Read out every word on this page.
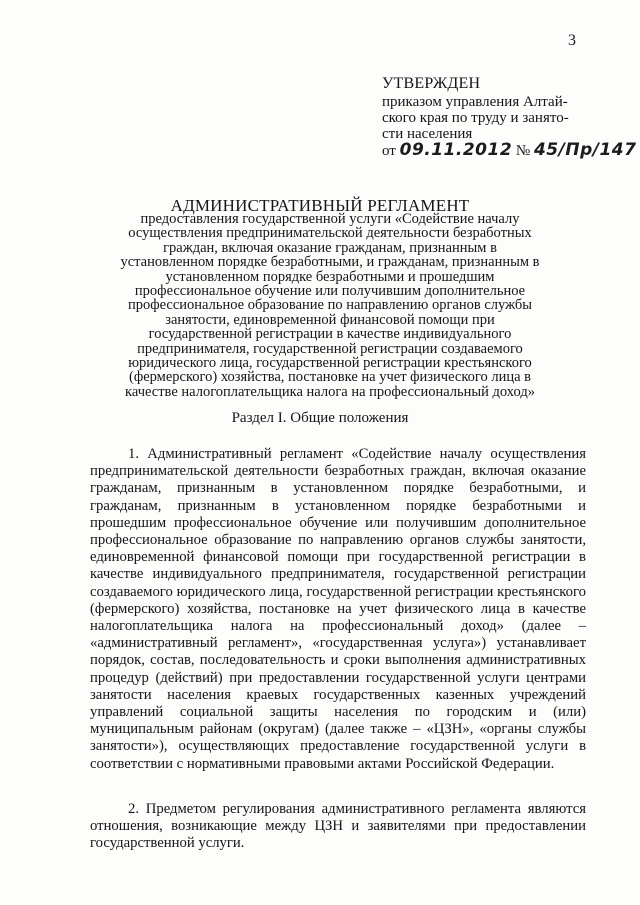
3
УТВЕРЖДЕН
приказом управления Алтай-
ского края по труду и занято-
сти населения
от 09.11.2012 № 45/Пр/147
АДМИНИСТРАТИВНЫЙ РЕГЛАМЕНТ
предоставления государственной услуги «Содействие началу осуществления предпринимательской деятельности безработных граждан, включая оказание гражданам, признанным в установленном порядке безработными, и гражданам, признанным в установленном порядке безработными и прошедшим профессиональное обучение или получившим дополнительное профессиональное образование по направлению органов службы занятости, единовременной финансовой помощи при государственной регистрации в качестве индивидуального предпринимателя, государственной регистрации создаваемого юридического лица, государственной регистрации крестьянского (фермерского) хозяйства, постановке на учет физического лица в качестве налогоплательщика налога на профессиональный доход»
Раздел I. Общие положения

1. Административный регламент «Содействие началу осуществления предпринимательской деятельности безработных граждан, включая оказание гражданам, признанным в установленном порядке безработными, и гражданам, признанным в установленном порядке безработными и прошедшим профессиональное обучение или получившим дополнительное профессиональное образование по направлению органов службы занятости, единовременной финансовой помощи при государственной регистрации в качестве индивидуального предпринимателя, государственной регистрации создаваемого юридического лица, государственной регистрации крестьянского (фермерского) хозяйства, постановке на учет физического лица в качестве налогоплательщика налога на профессиональный доход» (далее – «административный регламент», «государственная услуга») устанавливает порядок, состав, последовательность и сроки выполнения административных процедур (действий) при предоставлении государственной услуги центрами занятости населения краевых государственных казенных учреждений управлений социальной защиты населения по городским и (или) муниципальным районам (округам) (далее также – «ЦЗН», «органы службы занятости»), осуществляющих предоставление государственной услуги в соответствии с нормативными правовыми актами Российской Федерации.

2. Предметом регулирования административного регламента являются отношения, возникающие между ЦЗН и заявителями при предоставлении государственной услуги.
